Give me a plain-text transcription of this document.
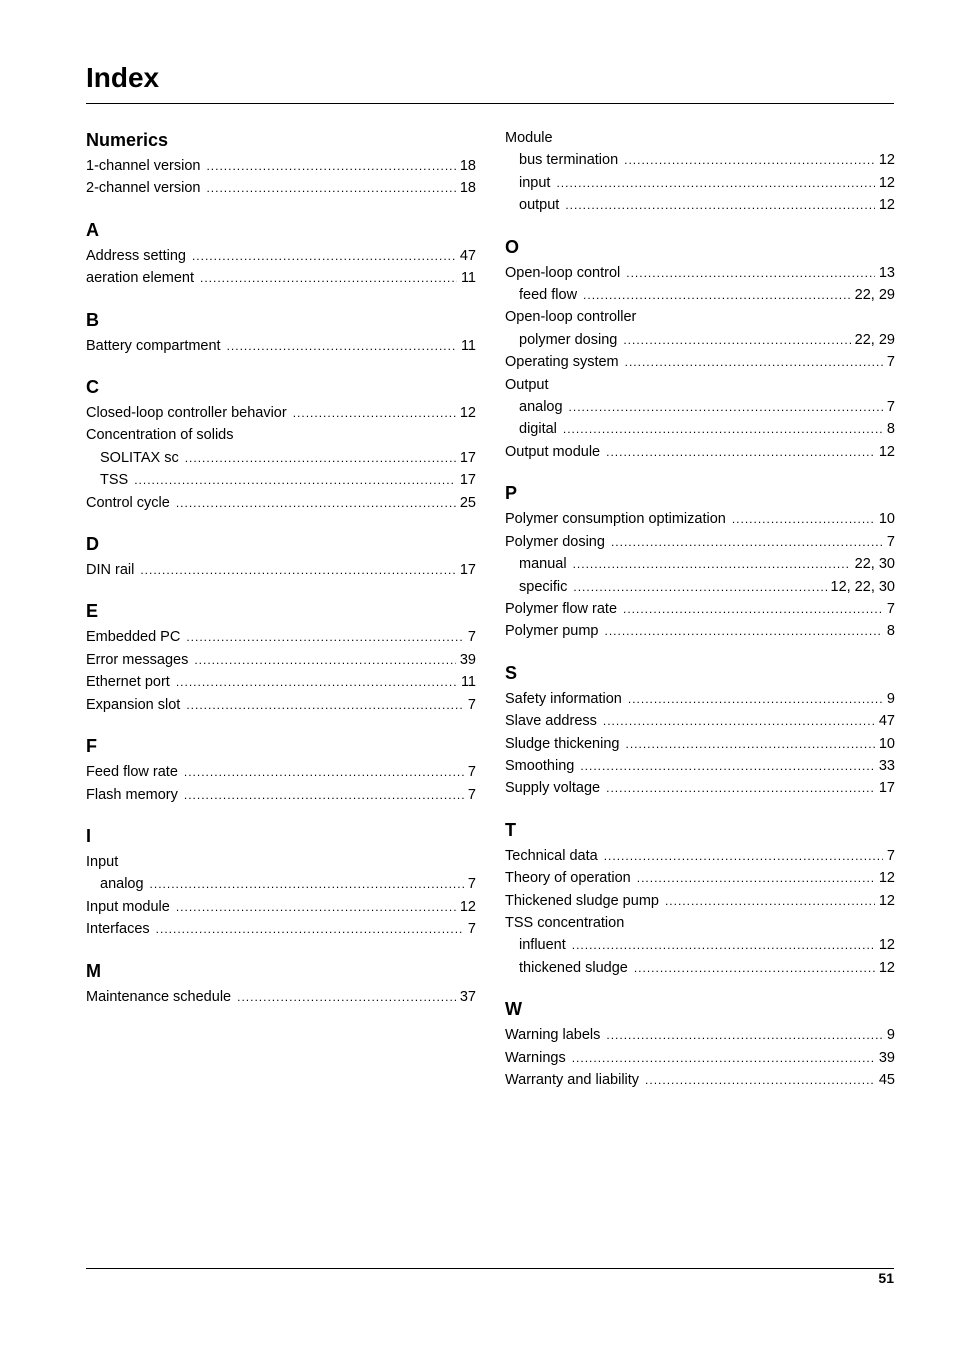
Index
Numerics
1-channel version .....	18
2-channel version .....	18
A
Address setting .....	47
aeration element .....	11
B
Battery compartment .....	11
C
Closed-loop controller behavior .....	12
Concentration of solids
SOLITAX sc .....	17
TSS .....	17
Control cycle .....	25
D
DIN rail .....	17
E
Embedded PC .....	7
Error messages .....	39
Ethernet port .....	11
Expansion slot .....	7
F
Feed flow rate .....	7
Flash memory .....	7
I
Input
analog .....	7
Input module .....	12
Interfaces .....	7
M
Maintenance schedule .....	37
Module
bus termination .....	12
input .....	12
output .....	12
O
Open-loop control .....	13
feed flow .....	22, 29
Open-loop controller
polymer dosing .....	22, 29
Operating system .....	7
Output
analog .....	7
digital .....	8
Output module .....	12
P
Polymer consumption optimization .....	10
Polymer dosing .....	7
manual .....	22, 30
specific .....	12, 22, 30
Polymer flow rate .....	7
Polymer pump .....	8
S
Safety information .....	9
Slave address .....	47
Sludge thickening .....	10
Smoothing .....	33
Supply voltage .....	17
T
Technical data .....	7
Theory of operation .....	12
Thickened sludge pump .....	12
TSS concentration
influent .....	12
thickened sludge .....	12
W
Warning labels .....	9
Warnings .....	39
Warranty and liability .....	45
51
